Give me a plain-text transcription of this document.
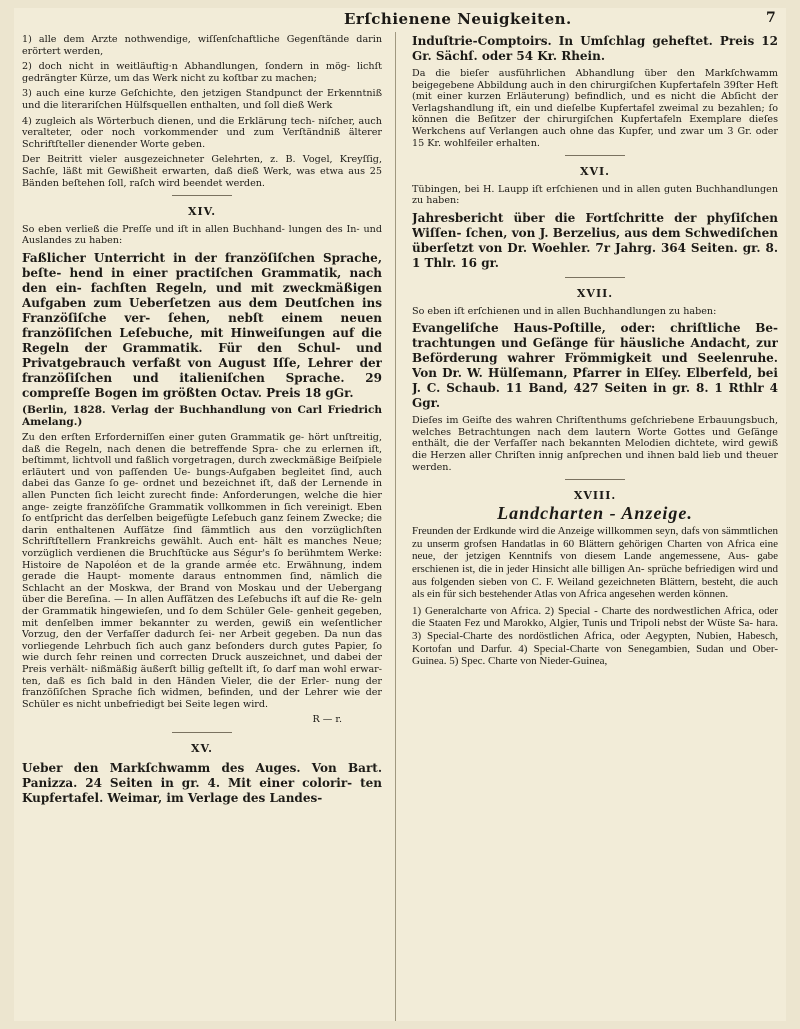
Erſchienene Neuigkeiten.	7

1) alle dem Arzte nothwendige, wiſſenſchaftliche Gegenſtände darin erörtert werden,

2) doch nicht in weitläuftig·n Abhandlungen, ſondern in mög- lichſt gedrängter Kürze, um das Werk nicht zu koſtbar zu machen;

3) auch eine kurze Geſchichte, den jetzigen Standpunct der Erkenntniß und die literariſchen Hülfsquellen enthalten, und ſoll dieß Werk

4) zugleich als Wörterbuch dienen, und die Erklärung tech- niſcher, auch veralteter, oder noch vorkommender und zum Verſtändniß älterer Schriftſteller dienender Worte geben.

Der Beitritt vieler ausgezeichneter Gelehrten, z. B. Vogel, Kreyſſig, Sachſe, läßt mit Gewißheit erwarten, daß dieß Werk, was etwa aus 25 Bänden beſtehen ſoll, raſch wird beendet werden.

XIV.

So eben verließ die Preſſe und iſt in allen Buchhand- lungen des In- und Auslandes zu haben:

Faßlicher Unterricht in der franzöſiſchen Sprache, beſte- hend in einer practiſchen Grammatik, nach den ein- fachſten Regeln, und mit zweckmäßigen Aufgaben zum Ueberſetzen aus dem Deutſchen ins Franzöſiſche ver- ſehen, nebſt einem neuen franzöſiſchen Leſebuche, mit Hinweiſungen auf die Regeln der Grammatik. Für den Schul- und Privatgebrauch verfaßt von August Iſſe, Lehrer der franzöſiſchen und italieniſchen Sprache. 29 compreſſe Bogen im größten Octav. Preis 18 gGr.

(Berlin, 1828. Verlag der Buchhandlung von Carl Friedrich Amelang.)

Zu den erſten Erforderniſſen einer guten Grammatik ge- hört unſtreitig, daß die Regeln, nach denen die betreffende Spra- che zu erlernen iſt, beſtimmt, lichtvoll und faßlich vorgetragen, durch zweckmäßige Beiſpiele erläutert und von paſſenden Ue- bungs-Aufgaben begleitet ſind, auch dabei das Ganze ſo ge- ordnet und bezeichnet iſt, daß der Lernende in allen Puncten ſich leicht zurecht finde: Anforderungen, welche die hier ange- zeigte franzöſiſche Grammatik vollkommen in ſich vereinigt. Eben ſo entſpricht das derſelben beigefügte Leſebuch ganz ſeinem Zwecke; die darin enthaltenen Aufſätze ſind ſämmtlich aus den vorzüglichſten Schriftſtellern Frankreichs gewählt. Auch ent- hält es manches Neue; vorzüglich verdienen die Bruchſtücke aus Ségur's ſo berühmtem Werke: Histoire de Napoléon et de la grande armée etc. Erwähnung, indem gerade die Haupt- momente daraus entnommen ſind, nämlich die Schlacht an der Moskwa, der Brand von Moskau und der Uebergang über die Bereſina. — In allen Aufſätzen des Leſebuchs iſt auf die Re- geln der Grammatik hingewieſen, und ſo dem Schüler Gele- genheit gegeben, mit denſelben immer bekannter zu werden, gewiß ein weſentlicher Vorzug, den der Verfaſſer dadurch ſei- ner Arbeit gegeben. Da nun das vorliegende Lehrbuch ſich auch ganz beſonders durch gutes Papier, ſo wie durch ſehr reinen und correcten Druck auszeichnet, und dabei der Preis verhält- nißmäßig äußerſt billig geſtellt iſt, ſo darf man wohl erwar- ten, daß es ſich bald in den Händen Vieler, die der Erler- nung der franzöſiſchen Sprache ſich widmen, befinden, und der Lehrer wie der Schüler es nicht unbefriedigt bei Seite legen wird.

R — r.

XV.

Ueber den Markſchwamm des Auges. Von Bart. Panizza. 24 Seiten in gr. 4. Mit einer colorir- ten Kupfertafel. Weimar, im Verlage des Landes-

Induſtrie-Comptoirs. In Umſchlag geheftet. Preis 12 Gr. Sächſ. oder 54 Kr. Rhein.

Da die bieſer ausführlichen Abhandlung über den Markſchwamm beigegebene Abbildung auch in den chirurgiſchen Kupfertafeln 39ſter Heft (mit einer kurzen Erläuterung) befindlich, und es nicht die Abſicht der Verlagshandlung iſt, ein und dieſelbe Kupfertafel zweimal zu bezahlen; ſo können die Beſitzer der chirurgiſchen Kupfertafeln Exemplare dieſes Werkchens auf Verlangen auch ohne das Kupfer, und zwar um 3 Gr. oder 15 Kr. wohlfeiler erhalten.

XVI.

Tübingen, bei H. Laupp iſt erſchienen und in allen guten Buchhandlungen zu haben:

Jahresbericht über die Fortſchritte der phyſiſchen Wiſſen- ſchen, von J. Berzelius, aus dem Schwediſchen überſetzt von Dr. Woehler. 7r Jahrg. 364 Seiten. gr. 8. 1 Thlr. 16 gr.

XVII.

So eben iſt erſchienen und in allen Buchhandlungen zu haben:

Evangeliſche Haus-Poſtille, oder: chriſtliche Be- trachtungen und Geſänge für häusliche Andacht, zur Beförderung wahrer Frömmigkeit und Seelenruhe. Von Dr. W. Hülſemann, Pfarrer in Elſey. Elberfeld, bei J. C. Schaub. 11 Band, 427 Seiten in gr. 8. 1 Rthlr 4 Ggr.

Dieſes im Geiſte des wahren Chriſtenthums geſchriebene Erbauungsbuch, welches Betrachtungen nach dem lautern Worte Gottes und Geſänge enthält, die der Verfaſſer nach bekannten Melodien dichtete, wird gewiß die Herzen aller Chriſten innig anſprechen und ihnen bald lieb und theuer werden.

XVIII.
Landcharten - Anzeige.

Freunden der Erdkunde wird die Anzeige willkommen seyn, dafs von sämmtlichen zu unserm grofsen Handatlas in 60 Blättern gehörigen Charten von Africa eine neue, der jetzigen Kenntnifs von diesem Lande angemessene, Aus- gabe erschienen ist, die in jeder Hinsicht alle billigen An- sprüche befriedigen wird und aus folgenden sieben von C. F. Weiland gezeichneten Blättern, besteht, die auch als ein für sich bestehender Atlas von Africa angesehen werden können.

1) Generalcharte von Africa. 2) Special - Charte des nordwestlichen Africa, oder die Staaten Fez und Marokko, Algier, Tunis und Tripoli nebst der Wüste Sa- hara. 3) Special-Charte des nordöstlichen Africa, oder Aegypten, Nubien, Habesch, Kortofan und Darfur. 4) Special-Charte von Senegambien, Sudan und Ober-Guinea. 5) Spec. Charte von Nieder-Guinea,
